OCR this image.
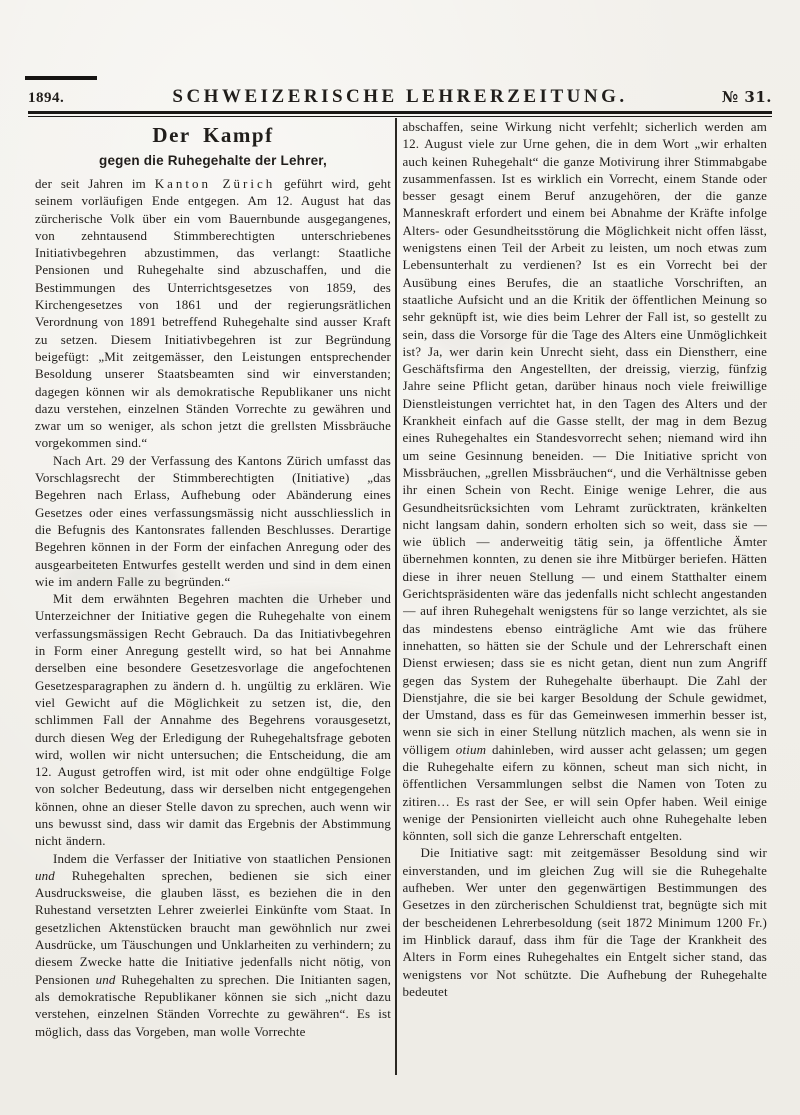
1894.	SCHWEIZERISCHE LEHRERZEITUNG.	№ 31.
Der Kampf
gegen die Ruhegehalte der Lehrer,

der seit Jahren im Kanton Zürich geführt wird, geht seinem vorläufigen Ende entgegen. Am 12. August hat das zürcherische Volk über ein vom Bauernbunde ausgegangenes, von zehntausend Stimmberechtigten unterschriebenes Initiativbegehren abzustimmen, das verlangt: Staatliche Pensionen und Ruhegehalte sind abzuschaffen, und die Bestimmungen des Unterrichtsgesetzes von 1859, des Kirchengesetzes von 1861 und der regierungsrätlichen Verordnung von 1891 betreffend Ruhegehalte sind ausser Kraft zu setzen. Diesem Initiativbegehren ist zur Begründung beigefügt: „Mit zeitgemässer, den Leistungen entsprechender Besoldung unserer Staatsbeamten sind wir einverstanden; dagegen können wir als demokratische Republikaner uns nicht dazu verstehen, einzelnen Ständen Vorrechte zu gewähren und zwar um so weniger, als schon jetzt die grellsten Missbräuche vorgekommen sind.“

Nach Art. 29 der Verfassung des Kantons Zürich umfasst das Vorschlagsrecht der Stimmberechtigten (Initiative) „das Begehren nach Erlass, Aufhebung oder Abänderung eines Gesetzes oder eines verfassungsmässig nicht ausschliesslich in die Befugnis des Kantonsrates fallenden Beschlusses. Derartige Begehren können in der Form der einfachen Anregung oder des ausgearbeiteten Entwurfes gestellt werden und sind in dem einen wie im andern Falle zu begründen.“

Mit dem erwähnten Begehren machten die Urheber und Unterzeichner der Initiative gegen die Ruhegehalte von einem verfassungsmässigen Recht Gebrauch. Da das Initiativbegehren in Form einer Anregung gestellt wird, so hat bei Annahme derselben eine besondere Gesetzesvorlage die angefochtenen Gesetzesparagraphen zu ändern d. h. ungültig zu erklären. Wie viel Gewicht auf die Möglichkeit zu setzen ist, die, den schlimmen Fall der Annahme des Begehrens vorausgesetzt, durch diesen Weg der Erledigung der Ruhegehaltsfrage geboten wird, wollen wir nicht untersuchen; die Entscheidung, die am 12. August getroffen wird, ist mit oder ohne endgültige Folge von solcher Bedeutung, dass wir derselben nicht entgegengehen können, ohne an dieser Stelle davon zu sprechen, auch wenn wir uns bewusst sind, dass wir damit das Ergebnis der Abstimmung nicht ändern.

Indem die Verfasser der Initiative von staatlichen Pensionen und Ruhegehalten sprechen, bedienen sie sich einer Ausdrucksweise, die glauben lässt, es beziehen die in den Ruhestand versetzten Lehrer zweierlei Einkünfte vom Staat. In gesetzlichen Aktenstücken braucht man gewöhnlich nur zwei Ausdrücke, um Täuschungen und Unklarheiten zu verhindern; zu diesem Zwecke hatte die Initiative jedenfalls nicht nötig, von Pensionen und Ruhegehalten zu sprechen. Die Initianten sagen, als demokratische Republikaner können sie sich „nicht dazu verstehen, einzelnen Ständen Vorrechte zu gewähren“. Es ist möglich, dass das Vorgeben, man wolle Vorrechte

abschaffen, seine Wirkung nicht verfehlt; sicherlich werden am 12. August viele zur Urne gehen, die in dem Wort „wir erhalten auch keinen Ruhegehalt“ die ganze Motivirung ihrer Stimmabgabe zusammenfassen. Ist es wirklich ein Vorrecht, einem Stande oder besser gesagt einem Beruf anzugehören, der die ganze Manneskraft erfordert und einem bei Abnahme der Kräfte infolge Alters- oder Gesundheitsstörung die Möglichkeit nicht offen lässt, wenigstens einen Teil der Arbeit zu leisten, um noch etwas zum Lebensunterhalt zu verdienen? Ist es ein Vorrecht bei der Ausübung eines Berufes, die an staatliche Vorschriften, an staatliche Aufsicht und an die Kritik der öffentlichen Meinung so sehr geknüpft ist, wie dies beim Lehrer der Fall ist, so gestellt zu sein, dass die Vorsorge für die Tage des Alters eine Unmöglichkeit ist? Ja, wer darin kein Unrecht sieht, dass ein Dienstherr, eine Geschäftsfirma den Angestellten, der dreissig, vierzig, fünfzig Jahre seine Pflicht getan, darüber hinaus noch viele freiwillige Dienstleistungen verrichtet hat, in den Tagen des Alters und der Krankheit einfach auf die Gasse stellt, der mag in dem Bezug eines Ruhegehaltes ein Standesvorrecht sehen; niemand wird ihn um seine Gesinnung beneiden. — Die Initiative spricht von Missbräuchen, „grellen Missbräuchen“, und die Verhältnisse geben ihr einen Schein von Recht. Einige wenige Lehrer, die aus Gesundheitsrücksichten vom Lehramt zurücktraten, kränkelten nicht langsam dahin, sondern erholten sich so weit, dass sie — wie üblich — anderweitig tätig sein, ja öffentliche Ämter übernehmen konnten, zu denen sie ihre Mitbürger beriefen. Hätten diese in ihrer neuen Stellung — und einem Statthalter einem Gerichtspräsidenten wäre das jedenfalls nicht schlecht angestanden — auf ihren Ruhegehalt wenigstens für so lange verzichtet, als sie das mindestens ebenso einträgliche Amt wie das frühere innehatten, so hätten sie der Schule und der Lehrerschaft einen Dienst erwiesen; dass sie es nicht getan, dient nun zum Angriff gegen das System der Ruhegehalte überhaupt. Die Zahl der Dienstjahre, die sie bei karger Besoldung der Schule gewidmet, der Umstand, dass es für das Gemeinwesen immerhin besser ist, wenn sie sich in einer Stellung nützlich machen, als wenn sie in völligem otium dahinleben, wird ausser acht gelassen; um gegen die Ruhegehalte eifern zu können, scheut man sich nicht, in öffentlichen Versammlungen selbst die Namen von Toten zu zitiren… Es rast der See, er will sein Opfer haben. Weil einige wenige der Pensionirten vielleicht auch ohne Ruhegehalte leben könnten, soll sich die ganze Lehrerschaft entgelten.

Die Initiative sagt: mit zeitgemässer Besoldung sind wir einverstanden, und im gleichen Zug will sie die Ruhegehalte aufheben. Wer unter den gegenwärtigen Bestimmungen des Gesetzes in den zürcherischen Schuldienst trat, begnügte sich mit der bescheidenen Lehrerbesoldung (seit 1872 Minimum 1200 Fr.) im Hinblick darauf, dass ihm für die Tage der Krankheit des Alters in Form eines Ruhegehaltes ein Entgelt sicher stand, das wenigstens vor Not schützte. Die Aufhebung der Ruhegehalte bedeutet
